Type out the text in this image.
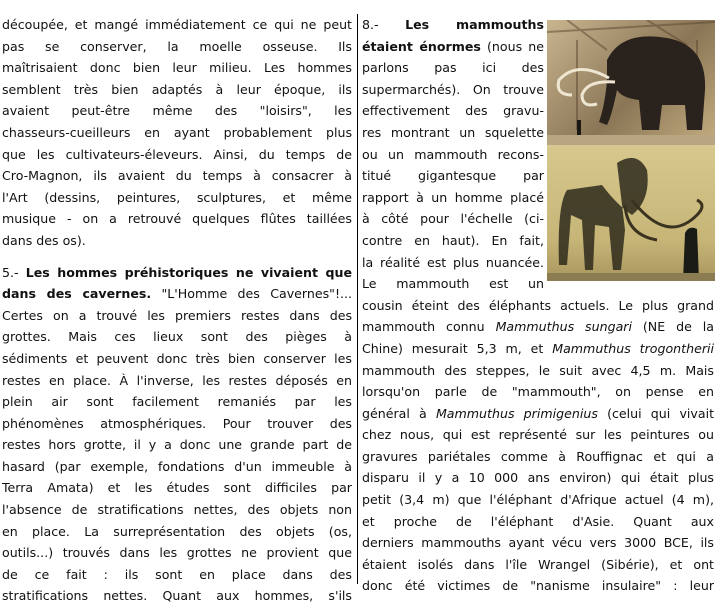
découpée, et mangé immédiatement ce qui ne peut
pas se conserver, la moelle osseuse. Ils
maîtrisaient donc bien leur milieu. Les hommes
semblent très bien adaptés à leur époque, ils
avaient peut-être même des "loisirs", les
chasseurs-cueilleurs en ayant probablement plus
que les cultivateurs-éleveurs. Ainsi, du temps de
Cro-Magnon, ils avaient du temps à consacrer à
l'Art (dessins, peintures, sculptures, et même
musique - on a retrouvé quelques flûtes taillées
dans des os).
5.- Les hommes préhistoriques ne vivaient que
dans des cavernes. "L'Homme des Cavernes"!...
Certes on a trouvé les premiers restes dans des
grottes. Mais ces lieux sont des pièges à
sédiments et peuvent donc très bien conserver les
restes en place. À l'inverse, les restes déposés en
plein air sont facilement remaniés par les
phénomènes atmosphériques. Pour trouver des
restes hors grotte, il y a donc une grande part de
hasard (par exemple, fondations d'un immeuble à
Terra Amata) et les études sont difficiles par
l'absence de stratifications nettes, des objets non
en place. La surreprésentation des objets (os,
outils...) trouvés dans les grottes ne provient que
de ce fait : ils sont en place dans des
stratifications nettes. Quant aux hommes, s'ils
8.- Les mammouths
étaient énormes (nous ne
parlons pas ici des
supermarchés). On trouve
effectivement des gravu-
res montrant un squelette
ou un mammouth recons-
titué gigantesque par
rapport à un homme placé
à côté pour l'échelle (ci-
contre en haut). En fait,
la réalité est plus nuancée.
Le mammouth est un
cousin éteint des éléphants actuels. Le plus grand
mammouth connu Mammuthus sungari (NE de la
Chine) mesurait 5,3 m, et Mammuthus trogontherii
mammouth des steppes, le suit avec 4,5 m. Mais
lorsqu'on parle de "mammouth", on pense en
général à Mammuthus primigenius (celui qui vivait
chez nous, qui est représenté sur les peintures ou
gravures pariétales comme à Rouffignac et qui a
disparu il y a 10 000 ans environ) qui était plus
petit (3,4 m) que l'éléphant d'Afrique actuel (4 m),
et proche de l'éléphant d'Asie. Quant aux
derniers mammouths ayant vécu vers 3000 BCE, ils
étaient isolés dans l'île Wrangel (Sibérie), et ont
donc été victimes de "nanisme insulaire" : leur
